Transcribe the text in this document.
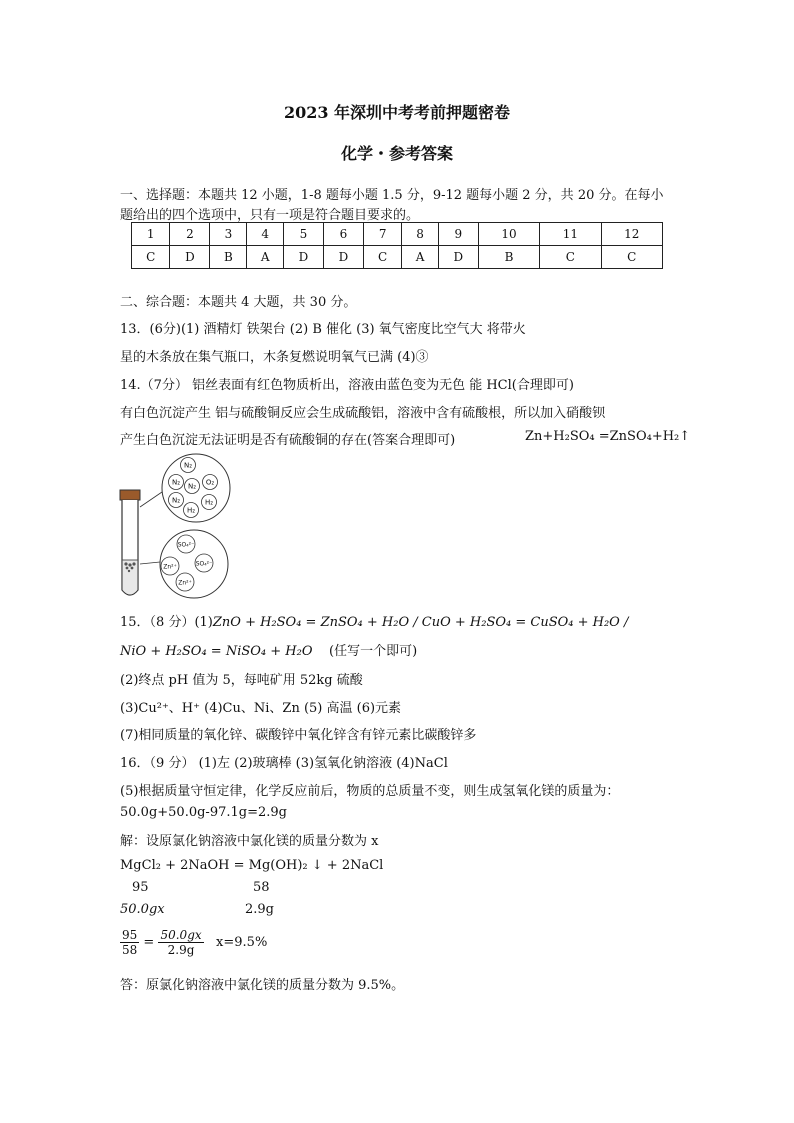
2023 年深圳中考考前押题密卷
化学・参考答案
一、选择题：本题共 12 小题，1-8 题每小题 1.5 分，9-12 题每小题 2 分，共 20 分。在每小
题给出的四个选项中，只有一项是符合题目要求的。
1	2	3	4	5	6	7	8	9	10	11	12
C	D	B	A	D	D	C	A	D	B	C	C
二、综合题：本题共 4 大题，共 30 分。
13．(6分)(1) 酒精灯 铁架台 (2) B 催化 (3) 氧气密度比空气大 将带火
星的木条放在集气瓶口，木条复燃说明氧气已满 (4)③
14.（7分） 铝丝表面有红色物质析出，溶液由蓝色变为无色 能 HCl(合理即可)
有白色沉淀产生 铝与硫酸铜反应会生成硫酸铝，溶液中含有硫酸根，所以加入硝酸钡
产生白色沉淀无法证明是否有硫酸铜的存在(答案合理即可)	Zn+H₂SO₄ =ZnSO₄+H₂↑
N₂
N₂ N₂ O₂
N₂
H₂
H₂
SO₄²⁻
SO₄²⁻
Zn²⁺
Zn²⁺
15．（8 分）(1)ZnO + H₂SO₄ = ZnSO₄ + H₂O / CuO + H₂SO₄ = CuSO₄ + H₂O /
NiO + H₂SO₄ = NiSO₄ + H₂O (任写一个即可)
(2)终点 pH 值为 5，每吨矿用 52kg 硫酸
(3)Cu²⁺、H⁺ (4)Cu、Ni、Zn (5) 高温 (6)元素
(7)相同质量的氧化锌、碳酸锌中氧化锌含有锌元素比碳酸锌多
16．（9 分） (1)左 (2)玻璃棒 (3)氢氧化钠溶液 (4)NaCl
(5)根据质量守恒定律，化学反应前后，物质的总质量不变，则生成氢氧化镁的质量为：
50.0g+50.0g-97.1g=2.9g
解：设原氯化钠溶液中氯化镁的质量分数为 x
MgCl₂ + 2NaOH = Mg(OH)₂ ↓ + 2NaCl
95	58
50.0gx	2.9g
$\frac{95}{58} = \frac{50.0gx}{2.9g} x=9.5\%$
答：原氯化钠溶液中氯化镁的质量分数为 9.5%。
